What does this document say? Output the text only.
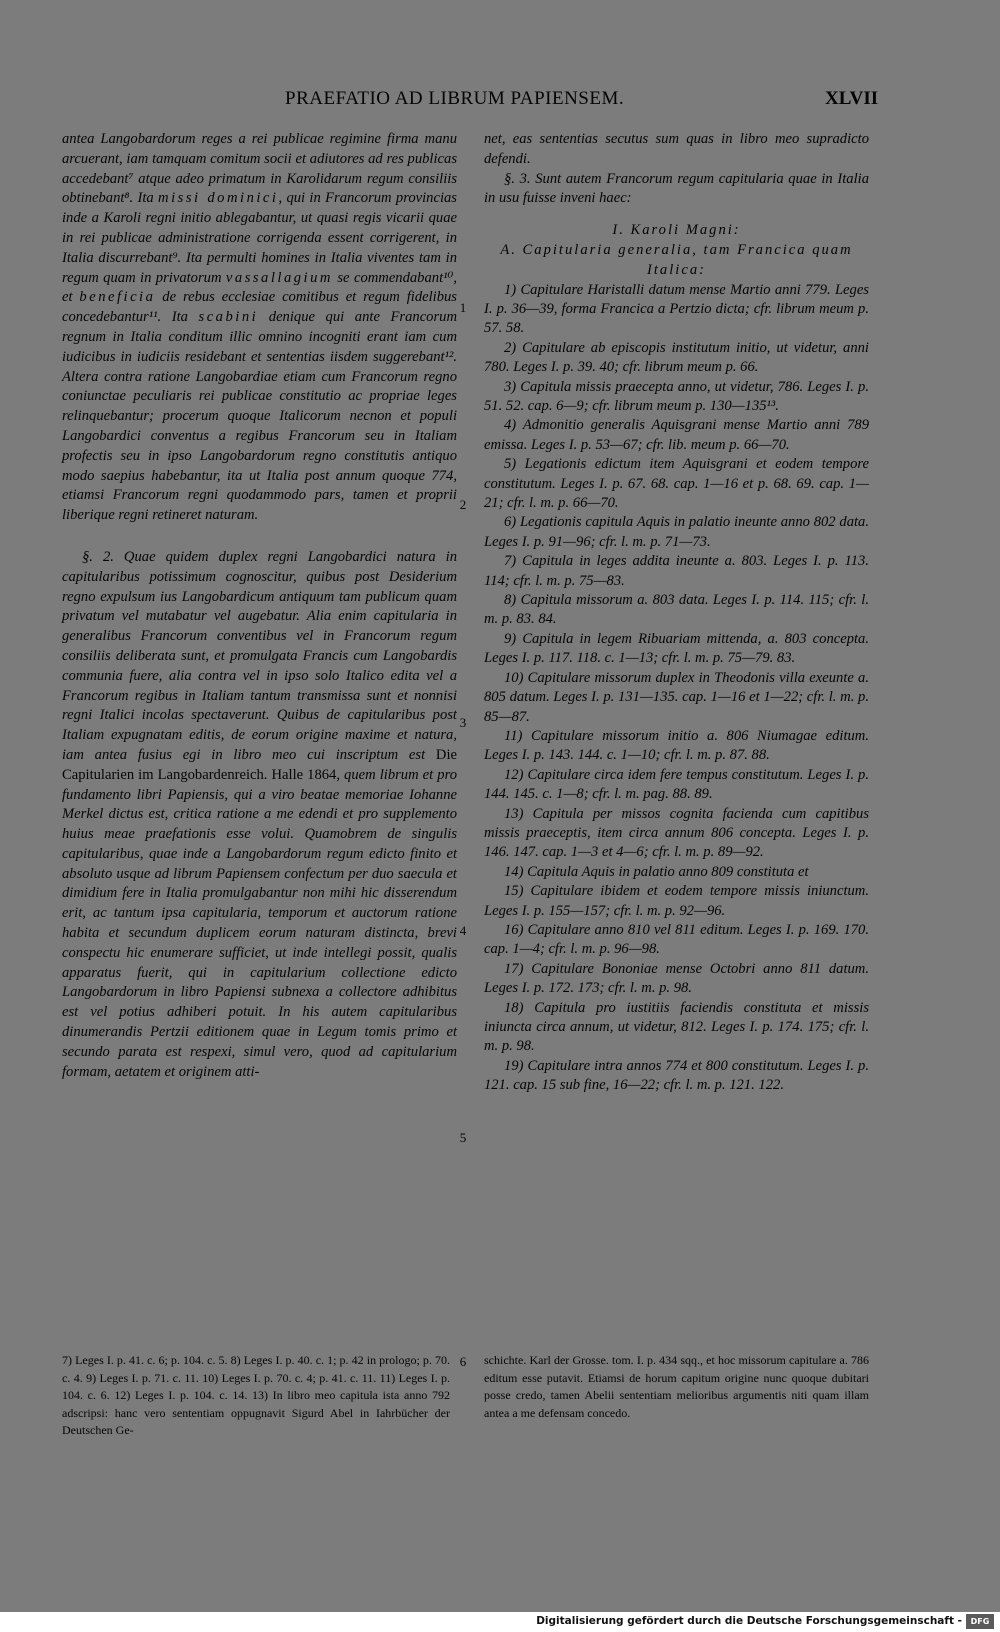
PRAEFATIO AD LIBRUM PAPIENSEM.	XLVII

antea Langobardorum reges a rei publicae regimine firma manu arcuerant, iam tamquam comitum socii et adiutores ad res publicas accedebant⁷ atque adeo primatum in Karolidarum regum consiliis obtinebant⁸. Ita missi dominici, qui in Francorum provincias inde a Karoli regni initio ablegabantur, ut quasi regis vicarii quae in rei publicae administratione corrigenda essent corrigerent, in Italia discurrebant⁹. Ita permulti homines in Italia viventes tam in regum quam in privatorum vassallagium se commendabant¹⁰, et beneficia de rebus ecclesiae comitibus et regum fidelibus concedebantur¹¹. Ita scabini denique qui ante Francorum regnum in Italia conditum illic omnino incogniti erant iam cum iudicibus in iudiciis residebant et sententias iisdem suggerebant¹². Altera contra ratione Langobardiae etiam cum Francorum regno coniunctae peculiaris rei publicae constitutio ac propriae leges relinquebantur; procerum quoque Italicorum necnon et populi Langobardici conventus a regibus Francorum seu in Italiam profectis seu in ipso Langobardorum regno constitutis antiquo modo saepius habebantur, ita ut Italia post annum quoque 774, etiamsi Francorum regni quodammodo pars, tamen et proprii liberique regni retineret naturam.

§. 2. Quae quidem duplex regni Langobardici natura in capitularibus potissimum cognoscitur, quibus post Desiderium regno expulsum ius Langobardicum antiquum tam publicum quam privatum vel mutabatur vel augebatur. Alia enim capitularia in generalibus Francorum conventibus vel in Francorum regum consiliis deliberata sunt, et promulgata Francis cum Langobardis communia fuere, alia contra vel in ipso solo Italico edita vel a Francorum regibus in Italiam tantum transmissa sunt et nonnisi regni Italici incolas spectaverunt. Quibus de capitularibus post Italiam expugnatam editis, de eorum origine maxime et natura, iam antea fusius egi in libro meo cui inscriptum est Die Capitularien im Langobardenreich. Halle 1864, quem librum et pro fundamento libri Papiensis, qui a viro beatae memoriae Iohanne Merkel dictus est, critica ratione a me edendi et pro supplemento huius meae praefationis esse volui. Quamobrem de singulis capitularibus, quae inde a Langobardorum regum edicto finito et absoluto usque ad librum Papiensem confectum per duo saecula et dimidium fere in Italia promulgabantur non mihi hic disserendum erit, ac tantum ipsa capitularia, temporum et auctorum ratione habita et secundum duplicem eorum naturam distincta, brevi conspectu hic enumerare sufficiet, ut inde intellegi possit, qualis apparatus fuerit, qui in capitularium collectione edicto Langobardorum in libro Papiensi subnexa a collectore adhibitus est vel potius adhiberi potuit. In his autem capitularibus dinumerandis Pertzii editionem quae in Legum tomis primo et secundo parata est respexi, simul vero, quod ad capitularium formam, aetatem et originem atti-

1
2
3
4
5
6

net, eas sententias secutus sum quas in libro meo supradicto defendi.

§. 3. Sunt autem Francorum regum capitularia quae in Italia in usu fuisse inveni haec:

I. Karoli Magni:
A. Capitularia generalia, tam Francica quam Italica:

1) Capitulare Haristalli datum mense Martio anni 779. Leges I. p. 36—39, forma Francica a Pertzio dicta; cfr. librum meum p. 57. 58.

2) Capitulare ab episcopis institutum initio, ut videtur, anni 780. Leges I. p. 39. 40; cfr. librum meum p. 66.

3) Capitula missis praecepta anno, ut videtur, 786. Leges I. p. 51. 52. cap. 6—9; cfr. librum meum p. 130—135¹³.

4) Admonitio generalis Aquisgrani mense Martio anni 789 emissa. Leges I. p. 53—67; cfr. lib. meum p. 66—70.

5) Legationis edictum item Aquisgrani et eodem tempore constitutum. Leges I. p. 67. 68. cap. 1—16 et p. 68. 69. cap. 1—21; cfr. l. m. p. 66—70.

6) Legationis capitula Aquis in palatio ineunte anno 802 data. Leges I. p. 91—96; cfr. l. m. p. 71—73.

7) Capitula in leges addita ineunte a. 803. Leges I. p. 113. 114; cfr. l. m. p. 75—83.

8) Capitula missorum a. 803 data. Leges I. p. 114. 115; cfr. l. m. p. 83. 84.

9) Capitula in legem Ribuariam mittenda, a. 803 concepta. Leges I. p. 117. 118. c. 1—13; cfr. l. m. p. 75—79. 83.

10) Capitulare missorum duplex in Theodonis villa exeunte a. 805 datum. Leges I. p. 131—135. cap. 1—16 et 1—22; cfr. l. m. p. 85—87.

11) Capitulare missorum initio a. 806 Niumagae editum. Leges I. p. 143. 144. c. 1—10; cfr. l. m. p. 87. 88.

12) Capitulare circa idem fere tempus constitutum. Leges I. p. 144. 145. c. 1—8; cfr. l. m. pag. 88. 89.

13) Capitula per missos cognita facienda cum capitibus missis praeceptis, item circa annum 806 concepta. Leges I. p. 146. 147. cap. 1—3 et 4—6; cfr. l. m. p. 89—92.

14) Capitula Aquis in palatio anno 809 constituta et

15) Capitulare ibidem et eodem tempore missis iniunctum. Leges I. p. 155—157; cfr. l. m. p. 92—96.

16) Capitulare anno 810 vel 811 editum. Leges I. p. 169. 170. cap. 1—4; cfr. l. m. p. 96—98.

17) Capitulare Bononiae mense Octobri anno 811 datum. Leges I. p. 172. 173; cfr. l. m. p. 98.

18) Capitula pro iustitiis faciendis constituta et missis iniuncta circa annum, ut videtur, 812. Leges I. p. 174. 175; cfr. l. m. p. 98.

19) Capitulare intra annos 774 et 800 constitutum. Leges I. p. 121. cap. 15 sub fine, 16—22; cfr. l. m. p. 121. 122.

7) Leges I. p. 41. c. 6; p. 104. c. 5. 8) Leges I. p. 40. c. 1; p. 42 in prologo; p. 70. c. 4. 9) Leges I. p. 71. c. 11. 10) Leges I. p. 70. c. 4; p. 41. c. 11. 11) Leges I. p. 104. c. 6. 12) Leges I. p. 104. c. 14. 13) In libro meo capitula ista anno 792 adscripsi: hanc vero sententiam oppugnavit Sigurd Abel in Iahrbücher der Deutschen Ge-
schichte. Karl der Grosse. tom. I. p. 434 sqq., et hoc missorum capitulare a. 786 editum esse putavit. Etiamsi de horum capitum origine nunc quoque dubitari posse credo, tamen Abelii sententiam melioribus argumentis niti quam illam antea a me defensam concedo.
Digitalisierung gefördert durch die Deutsche Forschungsgemeinschaft -	DFG
